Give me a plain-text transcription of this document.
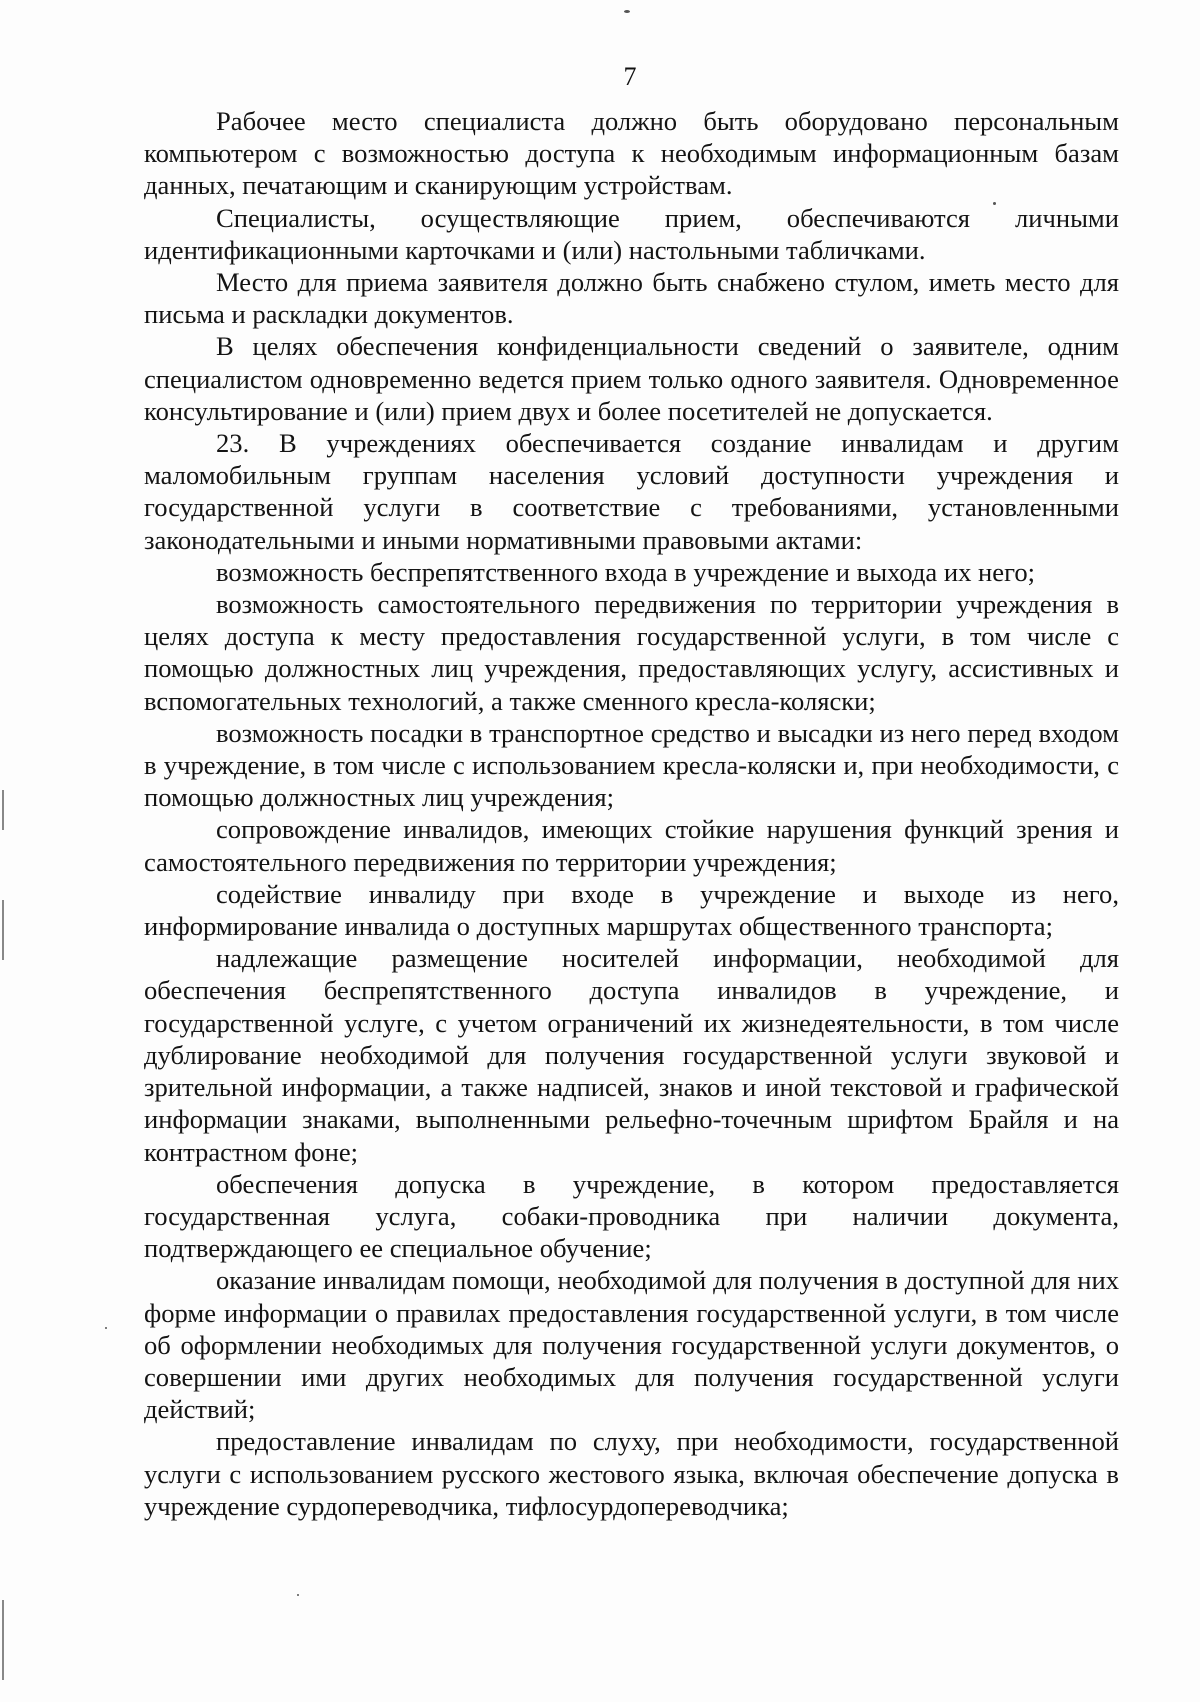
7

Рабочее место специалиста должно быть оборудовано персональным компьютером с возможностью доступа к необходимым информационным базам данных, печатающим и сканирующим устройствам.

Специалисты, осуществляющие прием, обеспечиваются личными идентификационными карточками и (или) настольными табличками.

Место для приема заявителя должно быть снабжено стулом, иметь место для письма и раскладки документов.

В целях обеспечения конфиденциальности сведений о заявителе, одним специалистом одновременно ведется прием только одного заявителя. Одновременное консультирование и (или) прием двух и более посетителей не допускается.

23. В учреждениях обеспечивается создание инвалидам и другим маломобильным группам населения условий доступности учреждения и государственной услуги в соответствие с требованиями, установленными законодательными и иными нормативными правовыми актами:

возможность беспрепятственного входа в учреждение и выхода их него;

возможность самостоятельного передвижения по территории учреждения в целях доступа к месту предоставления государственной услуги, в том числе с помощью должностных лиц учреждения, предоставляющих услугу, ассистивных и вспомогательных технологий, а также сменного кресла-коляски;

возможность посадки в транспортное средство и высадки из него перед входом в учреждение, в том числе с использованием кресла-коляски и, при необходимости, с помощью должностных лиц учреждения;

сопровождение инвалидов, имеющих стойкие нарушения функций зрения и самостоятельного передвижения по территории учреждения;

содействие инвалиду при входе в учреждение и выходе из него, информирование инвалида о доступных маршрутах общественного транспорта;

надлежащие размещение носителей информации, необходимой для обеспечения беспрепятственного доступа инвалидов в учреждение, и государственной услуге, с учетом ограничений их жизнедеятельности, в том числе дублирование необходимой для получения государственной услуги звуковой и зрительной информации, а также надписей, знаков и иной текстовой и графической информации знаками, выполненными рельефно-точечным шрифтом Брайля и на контрастном фоне;

обеспечения допуска в учреждение, в котором предоставляется государственная услуга, собаки-проводника при наличии документа, подтверждающего ее специальное обучение;

оказание инвалидам помощи, необходимой для получения в доступной для них форме информации о правилах предоставления государственной услуги, в том числе об оформлении необходимых для получения государственной услуги документов, о совершении ими других необходимых для получения государственной услуги действий;

предоставление инвалидам по слуху, при необходимости, государственной услуги с использованием русского жестового языка, включая обеспечение допуска в учреждение сурдопереводчика, тифлосурдопереводчика;
